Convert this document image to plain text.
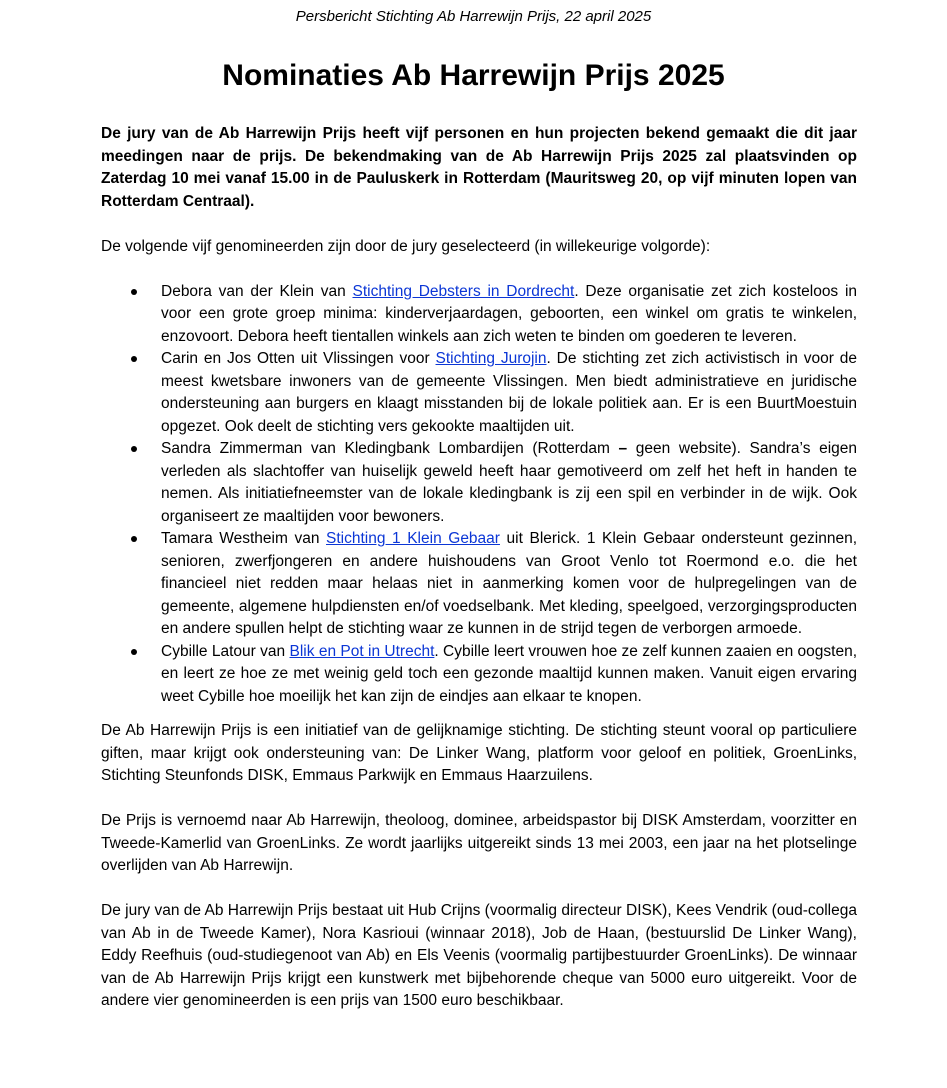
Persbericht Stichting Ab Harrewijn Prijs, 22 april 2025
Nominaties Ab Harrewijn Prijs 2025

De jury van de Ab Harrewijn Prijs heeft vijf personen en hun projecten bekend gemaakt die dit jaar meedingen naar de prijs. De bekendmaking van de Ab Harrewijn Prijs 2025 zal plaatsvinden op Zaterdag 10 mei vanaf 15.00 in de Pauluskerk in Rotterdam (Mauritsweg 20, op vijf minuten lopen van Rotterdam Centraal).

De volgende vijf genomineerden zijn door de jury geselecteerd (in willekeurige volgorde):

Debora van der Klein van Stichting Debsters in Dordrecht. Deze organisatie zet zich kosteloos in voor een grote groep minima: kinderverjaardagen, geboorten, een winkel om gratis te winkelen, enzovoort. Debora heeft tientallen winkels aan zich weten te binden om goederen te leveren.
Carin en Jos Otten uit Vlissingen voor Stichting Jurojin. De stichting zet zich activistisch in voor de meest kwetsbare inwoners van de gemeente Vlissingen. Men biedt administratieve en juridische ondersteuning aan burgers en klaagt misstanden bij de lokale politiek aan. Er is een BuurtMoestuin opgezet. Ook deelt de stichting vers gekookte maaltijden uit.
Sandra Zimmerman van Kledingbank Lombardijen (Rotterdam – geen website). Sandra’s eigen verleden als slachtoffer van huiselijk geweld heeft haar gemotiveerd om zelf het heft in handen te nemen. Als initiatiefneemster van de lokale kledingbank is zij een spil en verbinder in de wijk. Ook organiseert ze maaltijden voor bewoners.
Tamara Westheim van Stichting 1 Klein Gebaar uit Blerick. 1 Klein Gebaar ondersteunt gezinnen, senioren, zwerfjongeren en andere huishoudens van Groot Venlo tot Roermond e.o. die het financieel niet redden maar helaas niet in aanmerking komen voor de hulpregelingen van de gemeente, algemene hulpdiensten en/of voedselbank. Met kleding, speelgoed, verzorgingsproducten en andere spullen helpt de stichting waar ze kunnen in de strijd tegen de verborgen armoede.
Cybille Latour van Blik en Pot in Utrecht. Cybille leert vrouwen hoe ze zelf kunnen zaaien en oogsten, en leert ze hoe ze met weinig geld toch een gezonde maaltijd kunnen maken. Vanuit eigen ervaring weet Cybille hoe moeilijk het kan zijn de eindjes aan elkaar te knopen.

De Ab Harrewijn Prijs is een initiatief van de gelijknamige stichting. De stichting steunt vooral op particuliere giften, maar krijgt ook ondersteuning van: De Linker Wang, platform voor geloof en politiek, GroenLinks, Stichting Steunfonds DISK, Emmaus Parkwijk en Emmaus Haarzuilens.

De Prijs is vernoemd naar Ab Harrewijn, theoloog, dominee, arbeidspastor bij DISK Amsterdam, voorzitter en Tweede-Kamerlid van GroenLinks. Ze wordt jaarlijks uitgereikt sinds 13 mei 2003, een jaar na het plotselinge overlijden van Ab Harrewijn.

De jury van de Ab Harrewijn Prijs bestaat uit Hub Crijns (voormalig directeur DISK), Kees Vendrik (oud-collega van Ab in de Tweede Kamer), Nora Kasrioui (winnaar 2018), Job de Haan, (bestuurslid De Linker Wang), Eddy Reefhuis (oud-studiegenoot van Ab) en Els Veenis (voormalig partijbestuurder GroenLinks). De winnaar van de Ab Harrewijn Prijs krijgt een kunstwerk met bijbehorende cheque van 5000 euro uitgereikt. Voor de andere vier genomineerden is een prijs van 1500 euro beschikbaar.
